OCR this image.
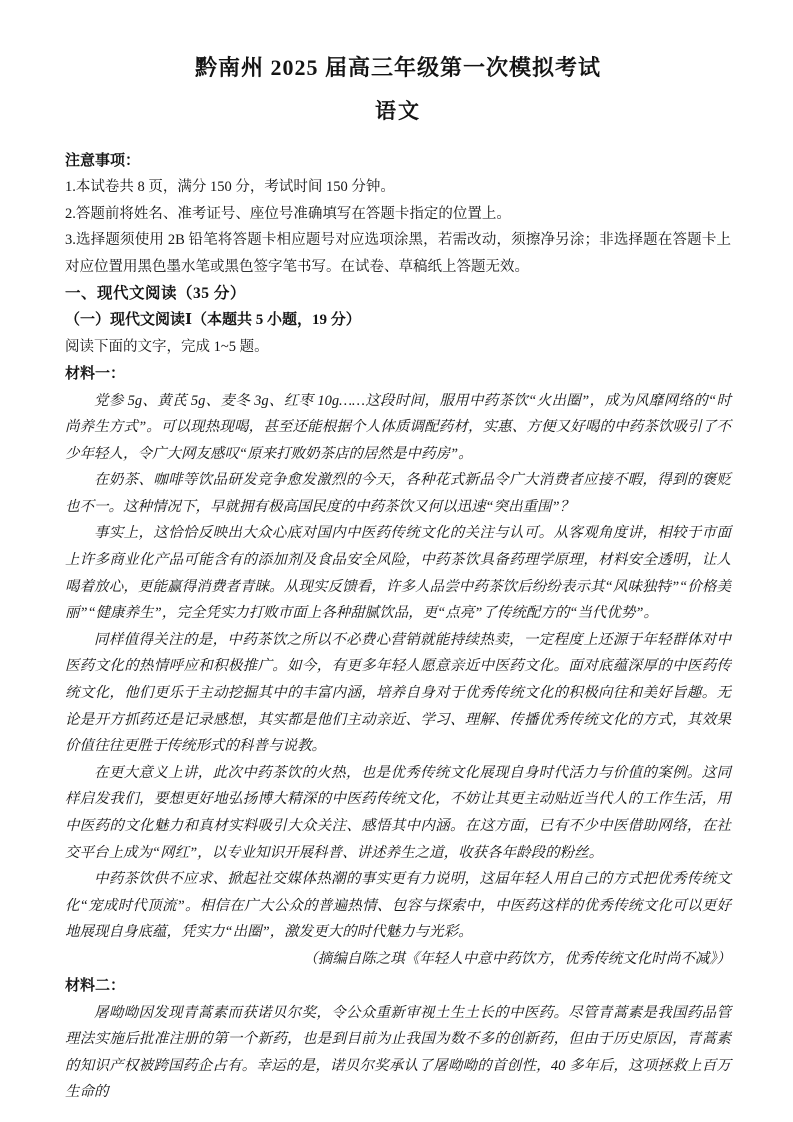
黔南州 2025 届高三年级第一次模拟考试
语文
注意事项：
1.本试卷共 8 页，满分 150 分，考试时间 150 分钟。
2.答题前将姓名、准考证号、座位号准确填写在答题卡指定的位置上。
3.选择题须使用 2B 铅笔将答题卡相应题号对应选项涂黑，若需改动，须擦净另涂；非选择题在答题卡上对应位置用黑色墨水笔或黑色签字笔书写。在试卷、草稿纸上答题无效。
一、现代文阅读（35 分）
（一）现代文阅读Ⅰ（本题共 5 小题，19 分）
阅读下面的文字，完成 1~5 题。
材料一：

党参 5g、黄芪 5g、麦冬 3g、红枣 10g……这段时间，服用中药茶饮“火出圈”，成为风靡网络的“时尚养生方式”。可以现热现喝，甚至还能根据个人体质调配药材，实惠、方便又好喝的中药茶饮吸引了不少年轻人，令广大网友感叹“原来打败奶茶店的居然是中药房”。

在奶茶、咖啡等饮品研发竞争愈发激烈的今天，各种花式新品令广大消费者应接不暇，得到的褒贬也不一。这种情况下，早就拥有极高国民度的中药茶饮又何以迅速“突出重围”？

事实上，这恰恰反映出大众心底对国内中医药传统文化的关注与认可。从客观角度讲，相较于市面上许多商业化产品可能含有的添加剂及食品安全风险，中药茶饮具备药理学原理，材料安全透明，让人喝着放心，更能赢得消费者青睐。从现实反馈看，许多人品尝中药茶饮后纷纷表示其“风味独特”“价格美丽”“健康养生”，完全凭实力打败市面上各种甜腻饮品，更“点亮”了传统配方的“当代优势”。

同样值得关注的是，中药茶饮之所以不必费心营销就能持续热卖，一定程度上还源于年轻群体对中医药文化的热情呼应和积极推广。如今，有更多年轻人愿意亲近中医药文化。面对底蕴深厚的中医药传统文化，他们更乐于主动挖掘其中的丰富内涵，培养自身对于优秀传统文化的积极向往和美好旨趣。无论是开方抓药还是记录感想，其实都是他们主动亲近、学习、理解、传播优秀传统文化的方式，其效果价值往往更胜于传统形式的科普与说教。

在更大意义上讲，此次中药茶饮的火热，也是优秀传统文化展现自身时代活力与价值的案例。这同样启发我们，要想更好地弘扬博大精深的中医药传统文化，不妨让其更主动贴近当代人的工作生活，用中医药的文化魅力和真材实料吸引大众关注、感悟其中内涵。在这方面，已有不少中医借助网络，在社交平台上成为“网红”，以专业知识开展科普、讲述养生之道，收获各年龄段的粉丝。

中药茶饮供不应求、掀起社交媒体热潮的事实更有力说明，这届年轻人用自己的方式把优秀传统文化“宠成时代顶流”。相信在广大公众的普遍热情、包容与探索中，中医药这样的优秀传统文化可以更好地展现自身底蕴，凭实力“出圈”，激发更大的时代魅力与光彩。

（摘编自陈之琪《年轻人中意中药饮方，优秀传统文化时尚不减》）

材料二：

屠呦呦因发现青蒿素而获诺贝尔奖，令公众重新审视土生土长的中医药。尽管青蒿素是我国药品管理法实施后批准注册的第一个新药，也是到目前为止我国为数不多的创新药，但由于历史原因，青蒿素的知识产权被跨国药企占有。幸运的是，诺贝尔奖承认了屠呦呦的首创性，40 多年后，这项拯救上百万生命的
